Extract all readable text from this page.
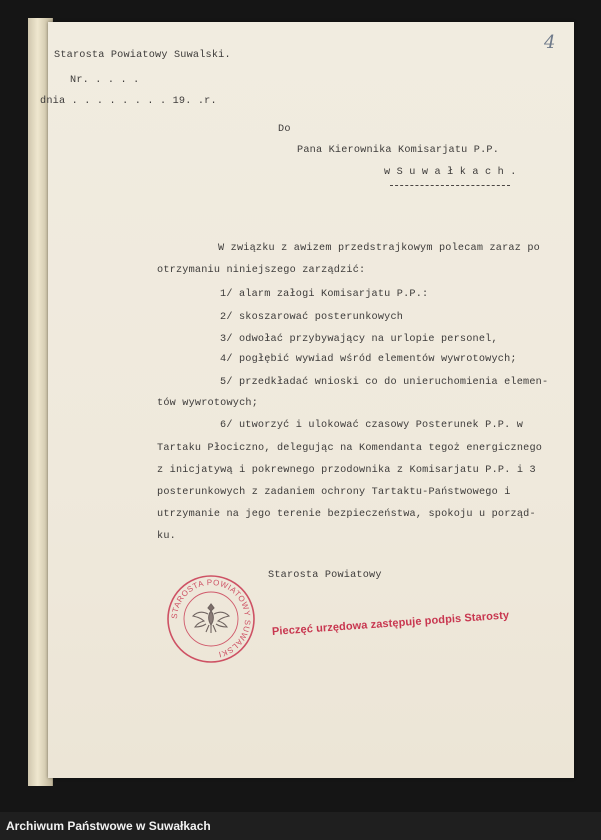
Starosta Powiatowy Suwalski.

Nr. . . . .

dnia . . . . . . . . 19. .r.

4

Do

Pana Kierownika Komisarjatu P.P.

w S u w a ł k a c h .

W związku z awizem przedstrajkowym polecam zaraz po

otrzymaniu niniejszego zarządzić:

1/ alarm załogi Komisarjatu P.P.:

2/ skoszarować posterunkowych

3/ odwołać przybywający na urlopie personel,

4/ pogłębić wywiad wśród elementów wywrotowych;

5/ przedkładać wnioski co do unieruchomienia elemen-

tów wywrotowych;

6/ utworzyć i ulokować czasowy Posterunek P.P. w

Tartaku Płociczno, delegując na Komendanta tegoż energicznego

z inicjatywą i pokrewnego przodownika z Komisarjatu P.P. i 3

posterunkowych z zadaniem ochrony Tartaktu-Państwowego i

utrzymanie na jego terenie bezpieczeństwa, spokoju u porząd-

ku.

Starosta Powiatowy

STAROSTA POWIATOWY SUWALSKI
Pieczęć urzędowa zastępuje podpis Starosty
Archiwum Państwowe w Suwałkach
